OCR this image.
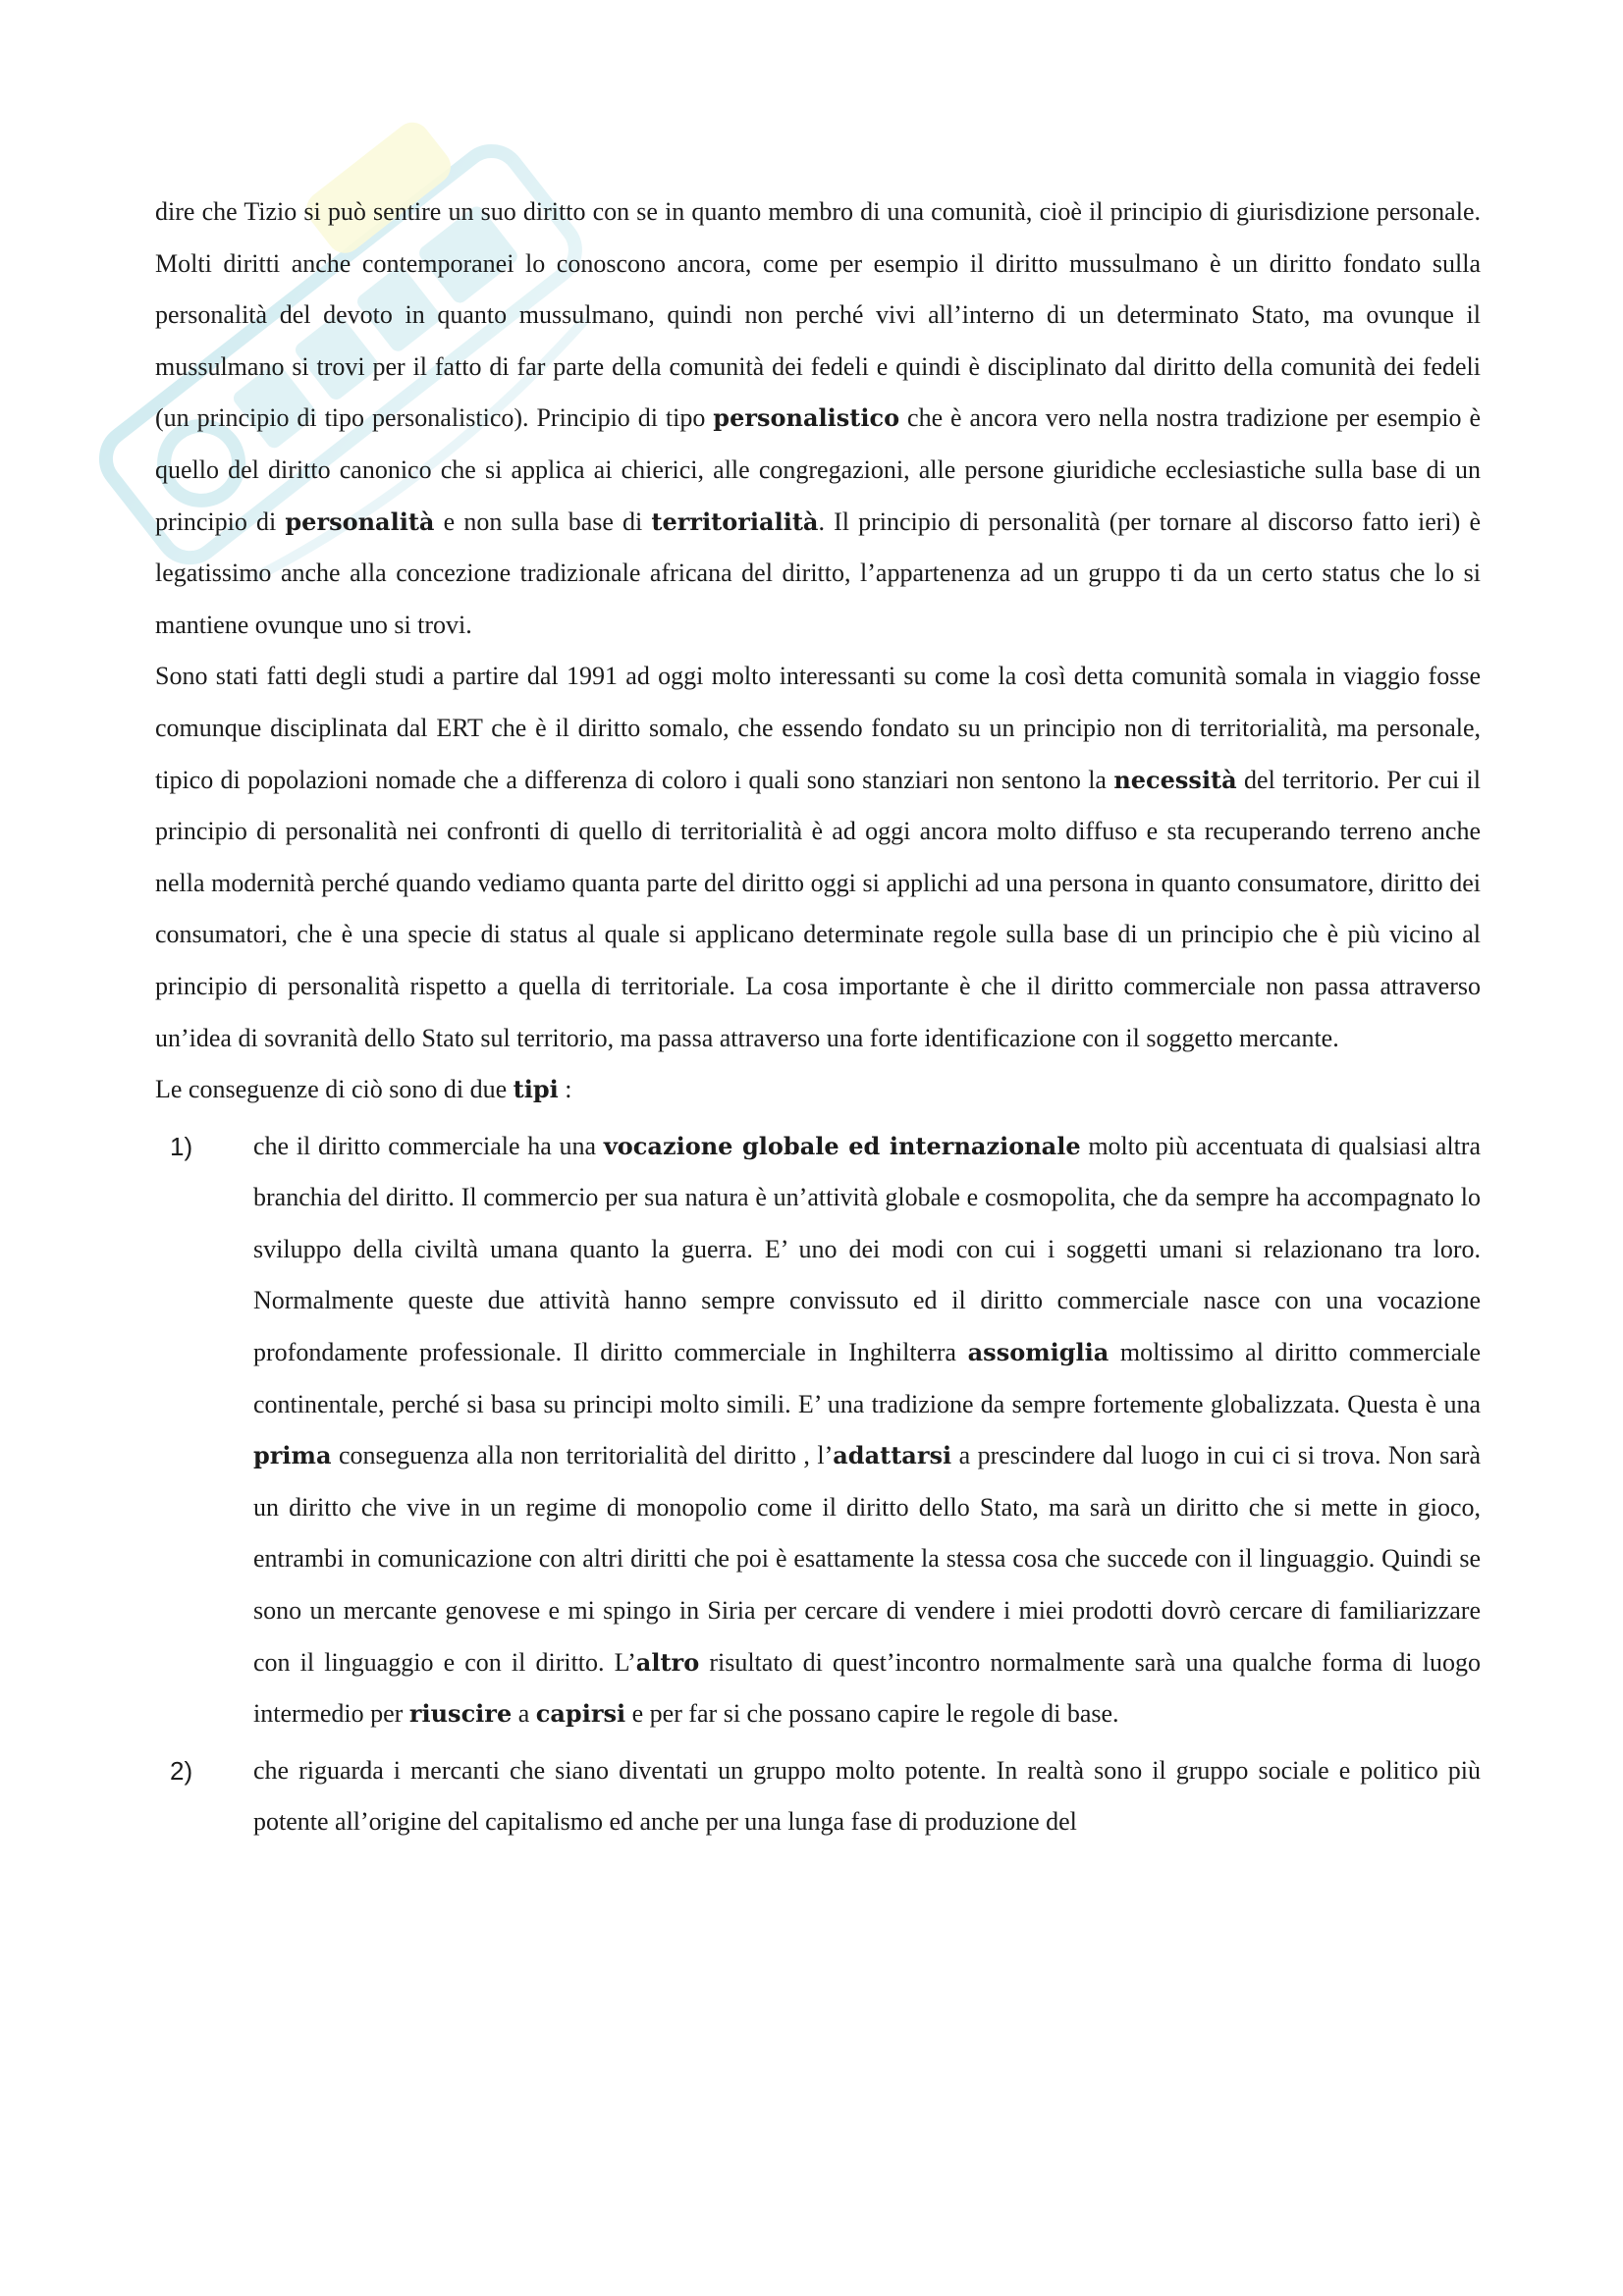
dire che Tizio si può sentire un suo diritto con se in quanto membro di una comunità, cioè il principio di giurisdizione personale. Molti diritti anche contemporanei lo conoscono ancora, come per esempio il diritto mussulmano è un diritto fondato sulla personalità del devoto in quanto mussulmano, quindi non perché vivi all’interno di un determinato Stato, ma ovunque il mussulmano si trovi per il fatto di far parte della comunità dei fedeli e quindi è disciplinato dal diritto della comunità dei fedeli (un principio di tipo personalistico). Principio di tipo personalistico che è ancora vero nella nostra tradizione per esempio è quello del diritto canonico che si applica ai chierici, alle congregazioni, alle persone giuridiche ecclesiastiche sulla base di un principio di personalità e non sulla base di territorialità. Il principio di personalità (per tornare al discorso fatto ieri) è legatissimo anche alla concezione tradizionale africana del diritto, l’appartenenza ad un gruppo ti da un certo status che lo si mantiene ovunque uno si trovi.

Sono stati fatti degli studi a partire dal 1991 ad oggi molto interessanti su come la così detta comunità somala in viaggio fosse comunque disciplinata dal ERT che è il diritto somalo, che essendo fondato su un principio non di territorialità, ma personale, tipico di popolazioni nomade che a differenza di coloro i quali sono stanziari non sentono la necessità del territorio. Per cui il principio di personalità nei confronti di quello di territorialità è ad oggi ancora molto diffuso e sta recuperando terreno anche nella modernità perché quando vediamo quanta parte del diritto oggi si applichi ad una persona in quanto consumatore, diritto dei consumatori, che è una specie di status al quale si applicano determinate regole sulla base di un principio che è più vicino al principio di personalità rispetto a quella di territoriale. La cosa importante è che il diritto commerciale non passa attraverso un’idea di sovranità dello Stato sul territorio, ma passa attraverso una forte identificazione con il soggetto mercante.

Le conseguenze di ciò sono di due tipi :

1) che il diritto commerciale ha una vocazione globale ed internazionale molto più accentuata di qualsiasi altra branchia del diritto. Il commercio per sua natura è un’attività globale e cosmopolita, che da sempre ha accompagnato lo sviluppo della civiltà umana quanto la guerra. E’ uno dei modi con cui i soggetti umani si relazionano tra loro. Normalmente queste due attività hanno sempre convissuto ed il diritto commerciale nasce con una vocazione profondamente professionale. Il diritto commerciale in Inghilterra assomiglia moltissimo al diritto commerciale continentale, perché si basa su principi molto simili. E’ una tradizione da sempre fortemente globalizzata. Questa è una prima conseguenza alla non territorialità del diritto , l’adattarsi a prescindere dal luogo in cui ci si trova. Non sarà un diritto che vive in un regime di monopolio come il diritto dello Stato, ma sarà un diritto che si mette in gioco, entrambi in comunicazione con altri diritti che poi è esattamente la stessa cosa che succede con il linguaggio. Quindi se sono un mercante genovese e mi spingo in Siria per cercare di vendere i miei prodotti dovrò cercare di familiarizzare con il linguaggio e con il diritto. L’altro risultato di quest’incontro normalmente sarà una qualche forma di luogo intermedio per riuscire a capirsi e per far si che possano capire le regole di base.
2) che riguarda i mercanti che siano diventati un gruppo molto potente. In realtà sono il gruppo sociale e politico più potente all’origine del capitalismo ed anche per una lunga fase di produzione del
